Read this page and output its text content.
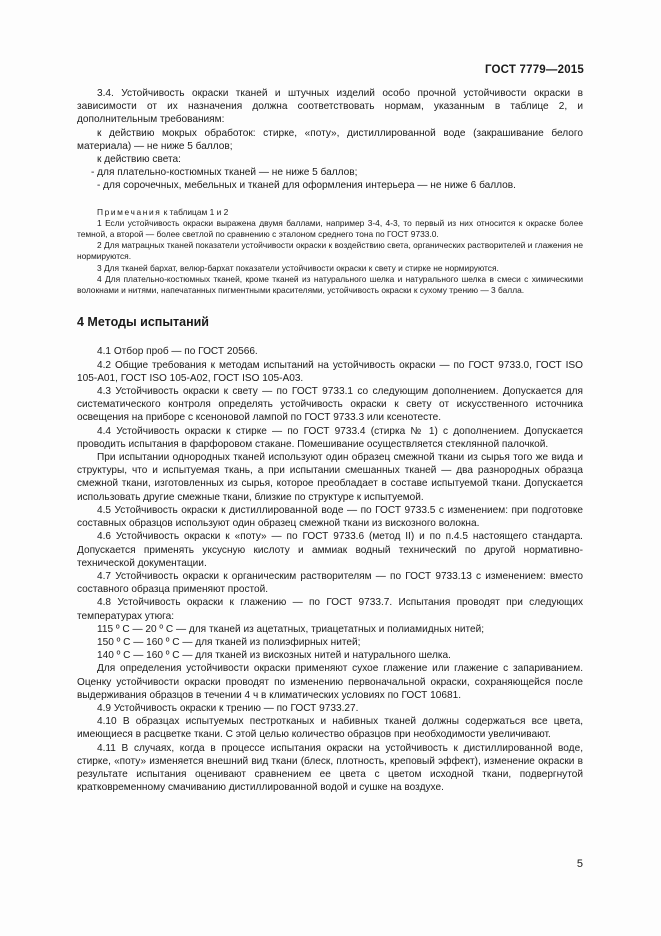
ГОСТ 7779—2015

3.4. Устойчивость окраски тканей и штучных изделий особо прочной устойчивости окраски в зависимости от их назначения должна соответствовать нормам, указанным в таблице 2, и дополнительным требованиям:

к действию мокрых обработок: стирке, «поту», дистиллированной воде (закрашивание белого материала) — не ниже 5 баллов;

к действию света:

- для плательно-костюмных тканей — не ниже 5 баллов;

- для сорочечных, мебельных и тканей для оформления интерьера — не ниже 6 баллов.

Примечания к таблицам 1 и 2

1 Если устойчивость окраски выражена двумя баллами, например 3-4, 4-3, то первый из них относится к окраске более темной, а второй — более светлой по сравнению с эталоном среднего тона по ГОСТ 9733.0.

2 Для матрацных тканей показатели устойчивости окраски к воздействию света, органических растворителей и глажения не нормируются.

3 Для тканей бархат, велюр-бархат показатели устойчивости окраски к свету и стирке не нормируются.

4 Для плательно-костюмных тканей, кроме тканей из натурального шелка и натурального шелка в смеси с химическими волокнами и нитями, напечатанных пигментными красителями, устойчивость окраски к сухому трению — 3 балла.

4 Методы испытаний

4.1 Отбор проб — по ГОСТ 20566.

4.2 Общие требования к методам испытаний на устойчивость окраски — по ГОСТ 9733.0, ГОСТ ISO 105-A01, ГОСТ ISO 105-A02, ГОСТ ISO 105-A03.

4.3 Устойчивость окраски к свету — по ГОСТ 9733.1 со следующим дополнением. Допускается для систематического контроля определять устойчивость окраски к свету от искусственного источника освещения на приборе с ксеноновой лампой по ГОСТ 9733.3 или ксенотесте.

4.4 Устойчивость окраски к стирке — по ГОСТ 9733.4 (стирка № 1) с дополнением. Допускается проводить испытания в фарфоровом стакане. Помешивание осуществляется стеклянной палочкой.

При испытании однородных тканей используют один образец смежной ткани из сырья того же вида и структуры, что и испытуемая ткань, а при испытании смешанных тканей — два разнородных образца смежной ткани, изготовленных из сырья, которое преобладает в составе испытуемой ткани. Допускается использовать другие смежные ткани, близкие по структуре к испытуемой.

4.5 Устойчивость окраски к дистиллированной воде — по ГОСТ 9733.5 с изменением: при подготовке составных образцов используют один образец смежной ткани из вискозного волокна.

4.6 Устойчивость окраски к «поту» — по ГОСТ 9733.6 (метод II) и по п.4.5 настоящего стандарта. Допускается применять уксусную кислоту и аммиак водный технический по другой нормативно-технической документации.

4.7 Устойчивость окраски к органическим растворителям — по ГОСТ 9733.13 с изменением: вместо составного образца применяют простой.

4.8 Устойчивость окраски к глажению — по ГОСТ 9733.7. Испытания проводят при следующих температурах утюга:

115 º С — 20 º С — для тканей из ацетатных, триацетатных и полиамидных нитей;

150 º С — 160 º С — для тканей из полиэфирных нитей;

140 º С — 160 º С — для тканей из вискозных нитей и натурального шелка.

Для определения устойчивости окраски применяют сухое глажение или глажение с запариванием. Оценку устойчивости окраски проводят по изменению первоначальной окраски, сохраняющейся после выдерживания образцов в течении 4 ч в климатических условиях по ГОСТ 10681.

4.9 Устойчивость окраски к трению — по ГОСТ 9733.27.

4.10 В образцах испытуемых пестротканых и набивных тканей должны содержаться все цвета, имеющиеся в расцветке ткани. С этой целью количество образцов при необходимости увеличивают.

4.11 В случаях, когда в процессе испытания окраски на устойчивость к дистиллированной воде, стирке, «поту» изменяется внешний вид ткани (блеск, плотность, креповый эффект), изменение окраски в результате испытания оценивают сравнением ее цвета с цветом исходной ткани, подвергнутой кратковременному смачиванию дистиллированной водой и сушке на воздухе.

5
